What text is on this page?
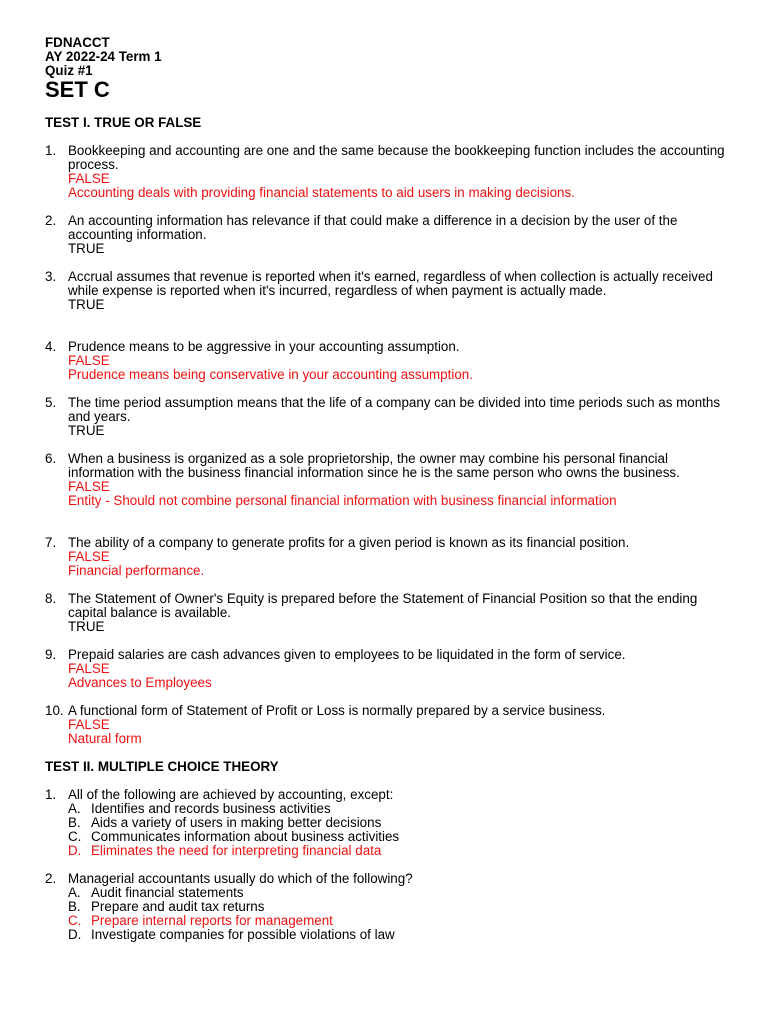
FDNACCT
AY 2022-24 Term 1
Quiz #1
SET C
TEST I. TRUE OR FALSE
1. Bookkeeping and accounting are one and the same because the bookkeeping function includes the accounting process.
FALSE
Accounting deals with providing financial statements to aid users in making decisions.
2. An accounting information has relevance if that could make a difference in a decision by the user of the accounting information.
TRUE
3. Accrual assumes that revenue is reported when it's earned, regardless of when collection is actually received while expense is reported when it's incurred, regardless of when payment is actually made.
TRUE
4. Prudence means to be aggressive in your accounting assumption.
FALSE
Prudence means being conservative in your accounting assumption.
5. The time period assumption means that the life of a company can be divided into time periods such as months and years.
TRUE
6. When a business is organized as a sole proprietorship, the owner may combine his personal financial information with the business financial information since he is the same person who owns the business.
FALSE
Entity - Should not combine personal financial information with business financial information
7. The ability of a company to generate profits for a given period is known as its financial position.
FALSE
Financial performance.
8. The Statement of Owner's Equity is prepared before the Statement of Financial Position so that the ending capital balance is available.
TRUE
9. Prepaid salaries are cash advances given to employees to be liquidated in the form of service.
FALSE
Advances to Employees
10. A functional form of Statement of Profit or Loss is normally prepared by a service business.
FALSE
Natural form
TEST II. MULTIPLE CHOICE THEORY
1. All of the following are achieved by accounting, except:
A. Identifies and records business activities
B. Aids a variety of users in making better decisions
C. Communicates information about business activities
D. Eliminates the need for interpreting financial data
2. Managerial accountants usually do which of the following?
A. Audit financial statements
B. Prepare and audit tax returns
C. Prepare internal reports for management
D. Investigate companies for possible violations of law
